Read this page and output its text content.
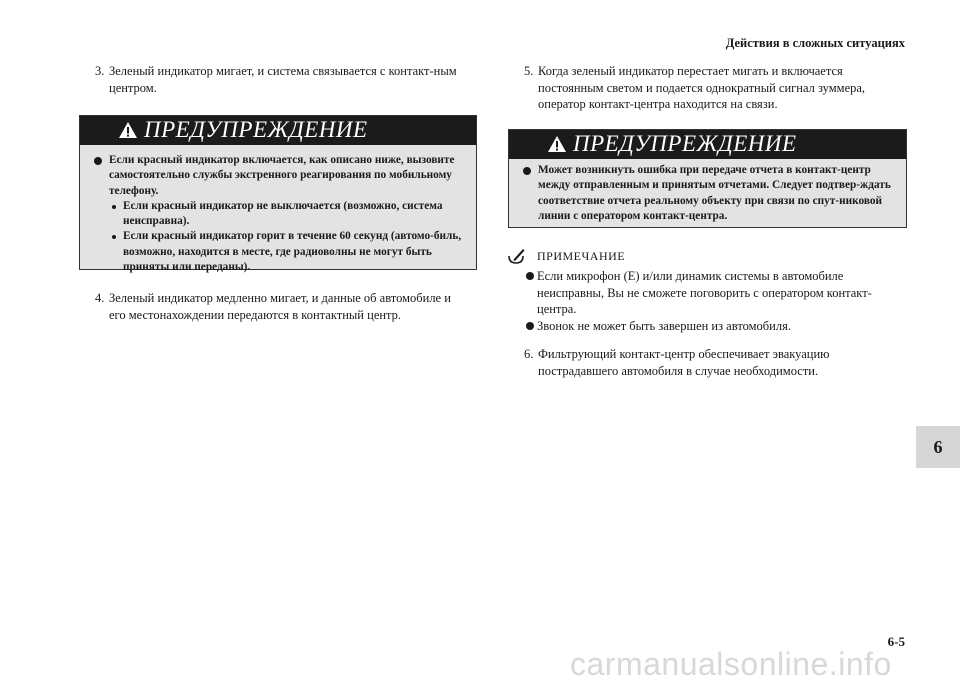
Действия в сложных ситуациях
6
6-5
3. Зеленый индикатор мигает, и система связывается с контакт-ным центром.
ПРЕДУПРЕЖДЕНИЕ
Если красный индикатор включается, как описано ниже, вызовите самостоятельно службы экстренного реагирования по мобильному телефону.
Если красный индикатор не выключается (возможно, система неисправна).
Если красный индикатор горит в течение 60 секунд (автомо-биль, возможно, находится в месте, где радиоволны не могут быть приняты или переданы).
4. Зеленый индикатор медленно мигает, и данные об автомобиле и его местонахождении передаются в контактный центр.
5. Когда зеленый индикатор перестает мигать и включается постоянным светом и подается однократный сигнал зуммера, оператор контакт-центра находится на связи.
ПРЕДУПРЕЖДЕНИЕ
Может возникнуть ошибка при передаче отчета в контакт-центр между отправленным и принятым отчетами. Следует подтвер-ждать соответствие отчета реальному объекту при связи по спут-никовой линии с оператором контакт-центра.
ПРИМЕЧАНИЕ
Если микрофон (E) и/или динамик системы в автомобиле неисправны, Вы не сможете поговорить с оператором контакт-центра.
Звонок не может быть завершен из автомобиля.
6. Фильтрующий контакт-центр обеспечивает эвакуацию пострадавшего автомобиля в случае необходимости.
carmanualsonline.info
